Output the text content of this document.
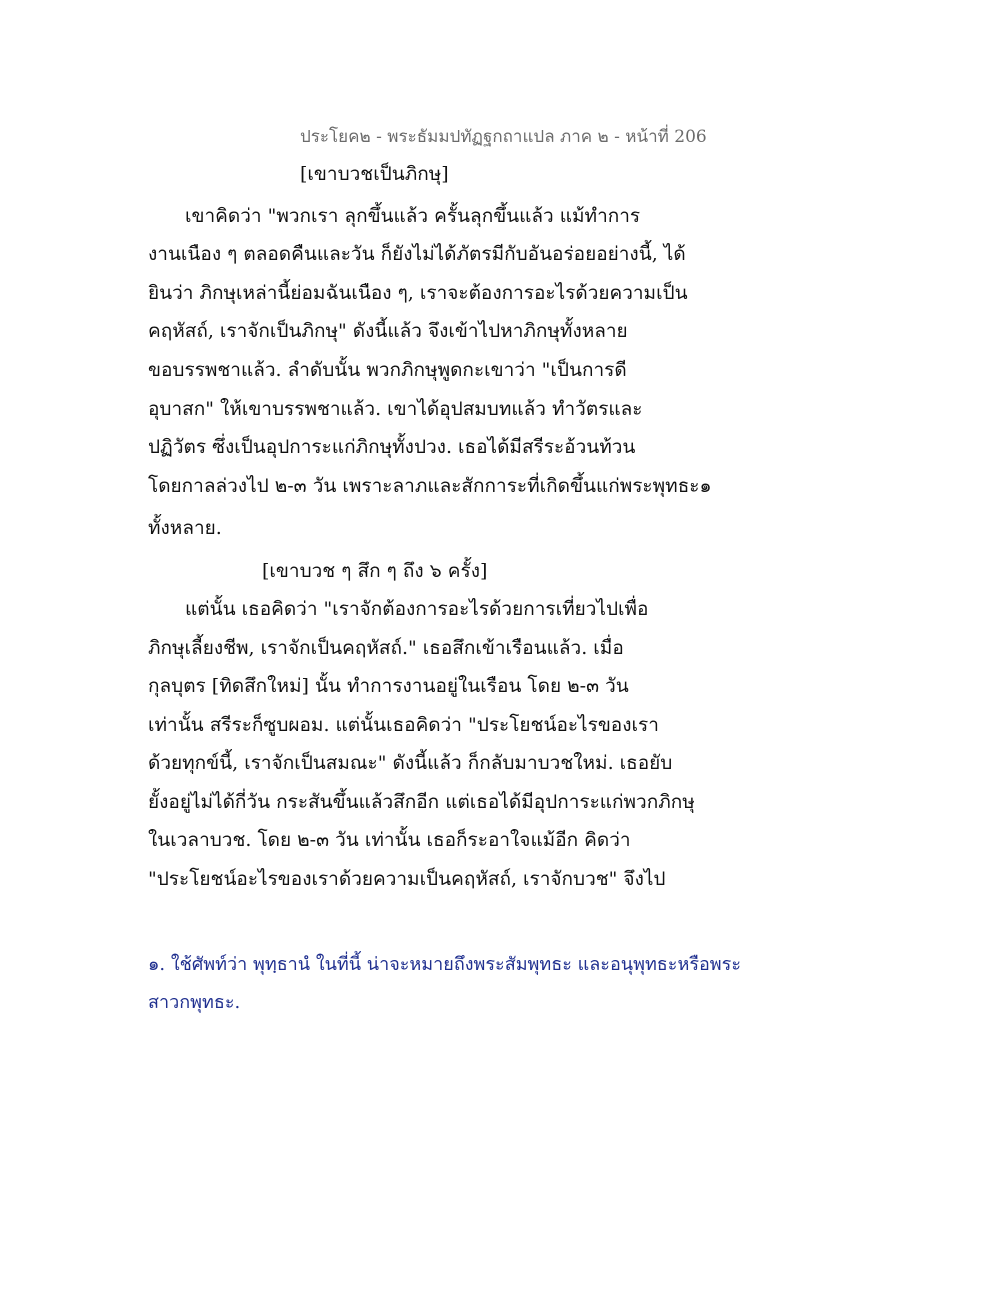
ประโยค๒ - พระธัมมปทัฏฐกถาแปล ภาค ๒ - หน้าที่ 206
[เขาบวชเป็นภิกษุ]
เขาคิดว่า "พวกเรา ลุกขึ้นแล้ว ครั้นลุกขึ้นแล้ว แม้ทำการ
งานเนือง ๆ ตลอดคืนและวัน ก็ยังไม่ได้ภัตรมีกับอันอร่อยอย่างนี้, ได้
ยินว่า ภิกษุเหล่านี้ย่อมฉันเนือง ๆ, เราจะต้องการอะไรด้วยความเป็น
คฤหัสถ์, เราจักเป็นภิกษุ" ดังนี้แล้ว จึงเข้าไปหาภิกษุทั้งหลาย
ขอบรรพชาแล้ว. ลำดับนั้น พวกภิกษุพูดกะเขาว่า "เป็นการดี
อุบาสก" ให้เขาบรรพชาแล้ว. เขาได้อุปสมบทแล้ว ทำวัตรและ
ปฏิวัตร ซึ่งเป็นอุปการะแก่ภิกษุทั้งปวง. เธอได้มีสรีระอ้วนท้วน
โดยกาลล่วงไป ๒-๓ วัน เพราะลาภและสักการะที่เกิดขึ้นแก่พระพุทธะ๑
ทั้งหลาย.
[เขาบวช ๆ สึก ๆ ถึง ๖ ครั้ง]
แต่นั้น เธอคิดว่า "เราจักต้องการอะไรด้วยการเที่ยวไปเพื่อ
ภิกษุเลี้ยงชีพ, เราจักเป็นคฤหัสถ์." เธอสึกเข้าเรือนแล้ว. เมื่อ
กุลบุตร [ทิดสึกใหม่] นั้น ทำการงานอยู่ในเรือน โดย ๒-๓ วัน
เท่านั้น สรีระก็ซูบผอม. แต่นั้นเธอคิดว่า "ประโยชน์อะไรของเรา
ด้วยทุกข์นี้, เราจักเป็นสมณะ" ดังนี้แล้ว ก็กลับมาบวชใหม่. เธอยับ
ยั้งอยู่ไม่ได้กี่วัน กระสันขึ้นแล้วสึกอีก แต่เธอได้มีอุปการะแก่พวกภิกษุ
ในเวลาบวช. โดย ๒-๓ วัน เท่านั้น เธอก็ระอาใจแม้อีก คิดว่า
"ประโยชน์อะไรของเราด้วยความเป็นคฤหัสถ์, เราจักบวช" จึงไป
๑. ใช้ศัพท์ว่า พุทฺธานํ ในที่นี้ น่าจะหมายถึงพระสัมพุทธะ และอนุพุทธะหรือพระ
สาวกพุทธะ.
